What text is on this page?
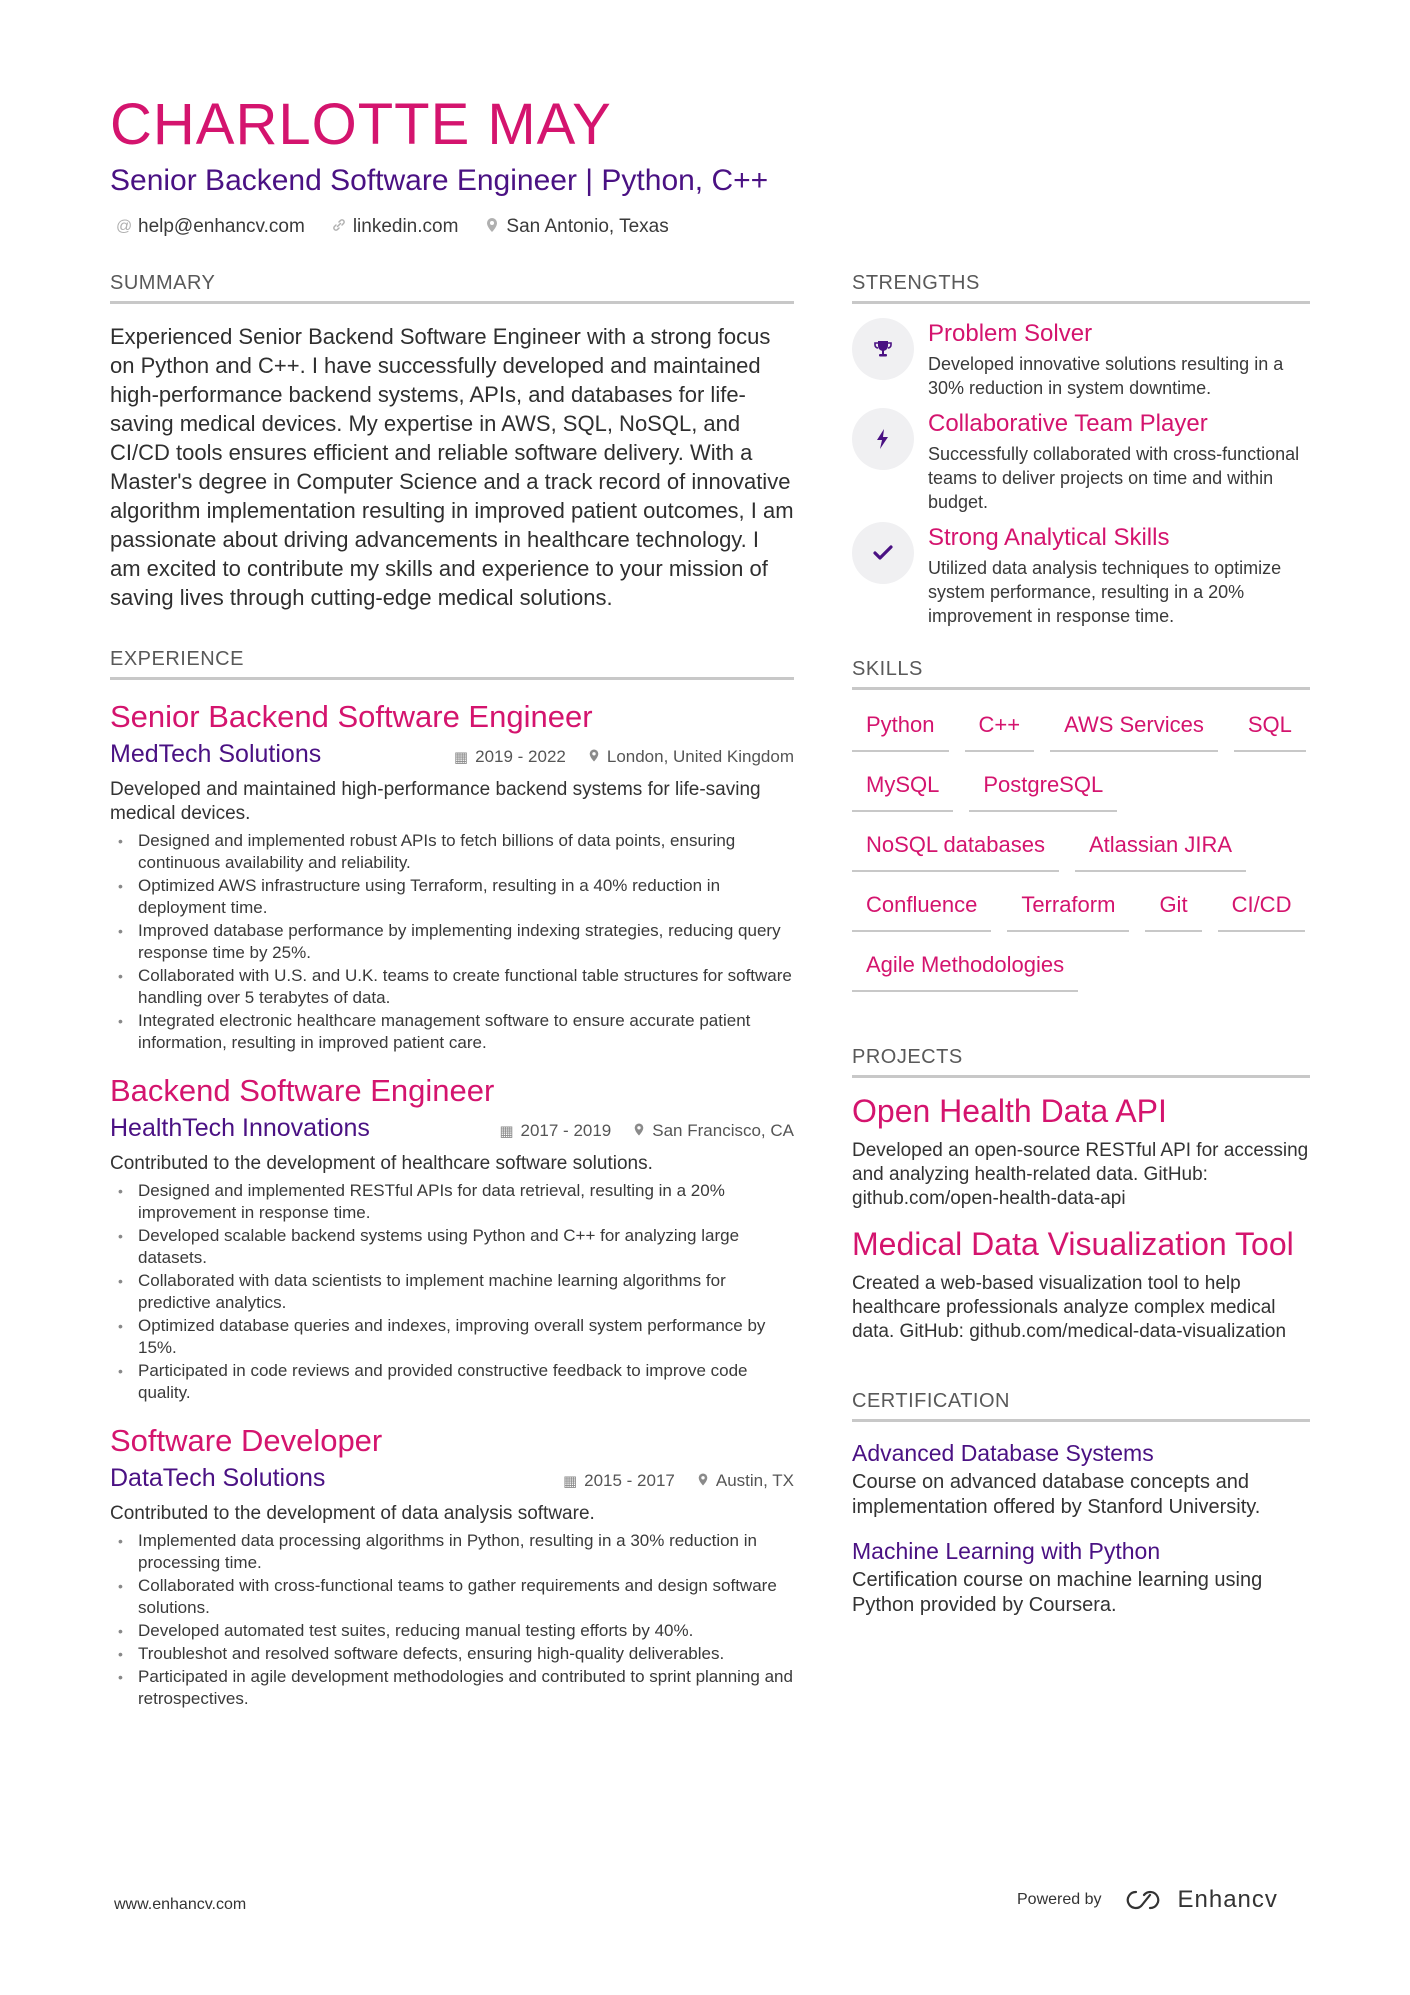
CHARLOTTE MAY
Senior Backend Software Engineer | Python, C++
@ help@enhancv.com	linkedin.com	San Antonio, Texas
SUMMARY

Experienced Senior Backend Software Engineer with a strong focus on Python and C++. I have successfully developed and maintained high-performance backend systems, APIs, and databases for life-saving medical devices. My expertise in AWS, SQL, NoSQL, and CI/CD tools ensures efficient and reliable software delivery. With a Master's degree in Computer Science and a track record of innovative algorithm implementation resulting in improved patient outcomes, I am passionate about driving advancements in healthcare technology. I am excited to contribute my skills and experience to your mission of saving lives through cutting-edge medical solutions.

EXPERIENCE
Senior Backend Software Engineer
MedTech Solutions	▦ 2019 - 2022 London, United Kingdom

Developed and maintained high-performance backend systems for life-saving medical devices.

• Designed and implemented robust APIs to fetch billions of data points, ensuring continuous availability and reliability.
• Optimized AWS infrastructure using Terraform, resulting in a 40% reduction in deployment time.
• Improved database performance by implementing indexing strategies, reducing query response time by 25%.
• Collaborated with U.S. and U.K. teams to create functional table structures for software handling over 5 terabytes of data.
• Integrated electronic healthcare management software to ensure accurate patient information, resulting in improved patient care.
Backend Software Engineer
HealthTech Innovations	▦ 2017 - 2019 San Francisco, CA

Contributed to the development of healthcare software solutions.

• Designed and implemented RESTful APIs for data retrieval, resulting in a 20% improvement in response time.
• Developed scalable backend systems using Python and C++ for analyzing large datasets.
• Collaborated with data scientists to implement machine learning algorithms for predictive analytics.
• Optimized database queries and indexes, improving overall system performance by 15%.
• Participated in code reviews and provided constructive feedback to improve code quality.
Software Developer
DataTech Solutions	▦ 2015 - 2017 Austin, TX

Contributed to the development of data analysis software.

• Implemented data processing algorithms in Python, resulting in a 30% reduction in processing time.
• Collaborated with cross-functional teams to gather requirements and design software solutions.
• Developed automated test suites, reducing manual testing efforts by 40%.
• Troubleshot and resolved software defects, ensuring high-quality deliverables.
• Participated in agile development methodologies and contributed to sprint planning and retrospectives.
STRENGTHS
Problem Solver
Developed innovative solutions resulting in a 30% reduction in system downtime.
Collaborative Team Player
Successfully collaborated with cross-functional teams to deliver projects on time and within budget.
Strong Analytical Skills
Utilized data analysis techniques to optimize system performance, resulting in a 20% improvement in response time.
SKILLS
Python	C++	AWS Services	SQL
MySQL	PostgreSQL
NoSQL databases	Atlassian JIRA
Confluence	Terraform	Git	CI/CD
Agile Methodologies
PROJECTS
Open Health Data API

Developed an open-source RESTful API for accessing and analyzing health-related data. GitHub: github.com/open-health-data-api

Medical Data Visualization Tool

Created a web-based visualization tool to help healthcare professionals analyze complex medical data. GitHub: github.com/medical-data-visualization

CERTIFICATION
Advanced Database Systems

Course on advanced database concepts and implementation offered by Stanford University.

Machine Learning with Python

Certification course on machine learning using Python provided by Coursera.

www.enhancv.com	Powered by	Enhancv
